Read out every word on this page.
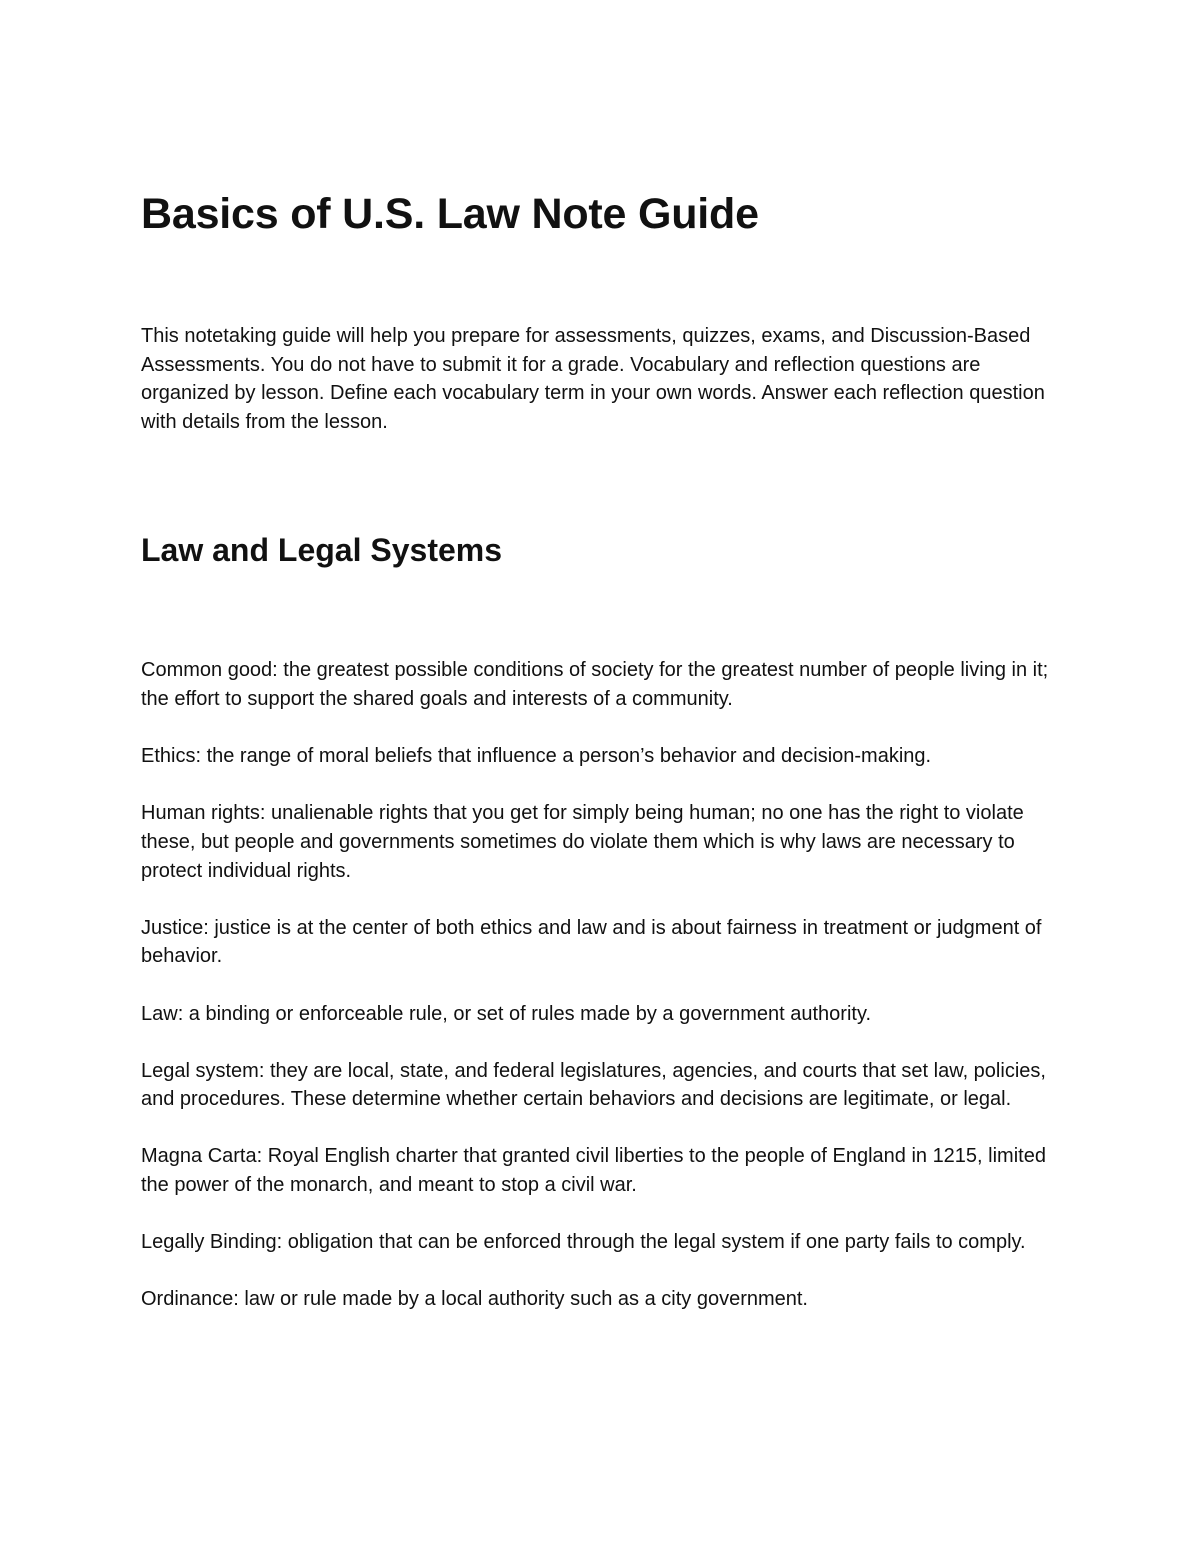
Basics of U.S. Law Note Guide

This notetaking guide will help you prepare for assessments, quizzes, exams, and Discussion-Based Assessments. You do not have to submit it for a grade. Vocabulary and reflection questions are organized by lesson. Define each vocabulary term in your own words. Answer each reflection question with details from the lesson.

Law and Legal Systems
Common good: the greatest possible conditions of society for the greatest number of people living in it; the effort to support the shared goals and interests of a community.
Ethics: the range of moral beliefs that influence a person’s behavior and decision-making.
Human rights: unalienable rights that you get for simply being human; no one has the right to violate these, but people and governments sometimes do violate them which is why laws are necessary to protect individual rights.
Justice: justice is at the center of both ethics and law and is about fairness in treatment or judgment of behavior.
Law: a binding or enforceable rule, or set of rules made by a government authority.
Legal system: they are local, state, and federal legislatures, agencies, and courts that set law, policies, and procedures. These determine whether certain behaviors and decisions are legitimate, or legal.
Magna Carta: Royal English charter that granted civil liberties to the people of England in 1215, limited the power of the monarch, and meant to stop a civil war.
Legally Binding: obligation that can be enforced through the legal system if one party fails to comply.
Ordinance: law or rule made by a local authority such as a city government.
